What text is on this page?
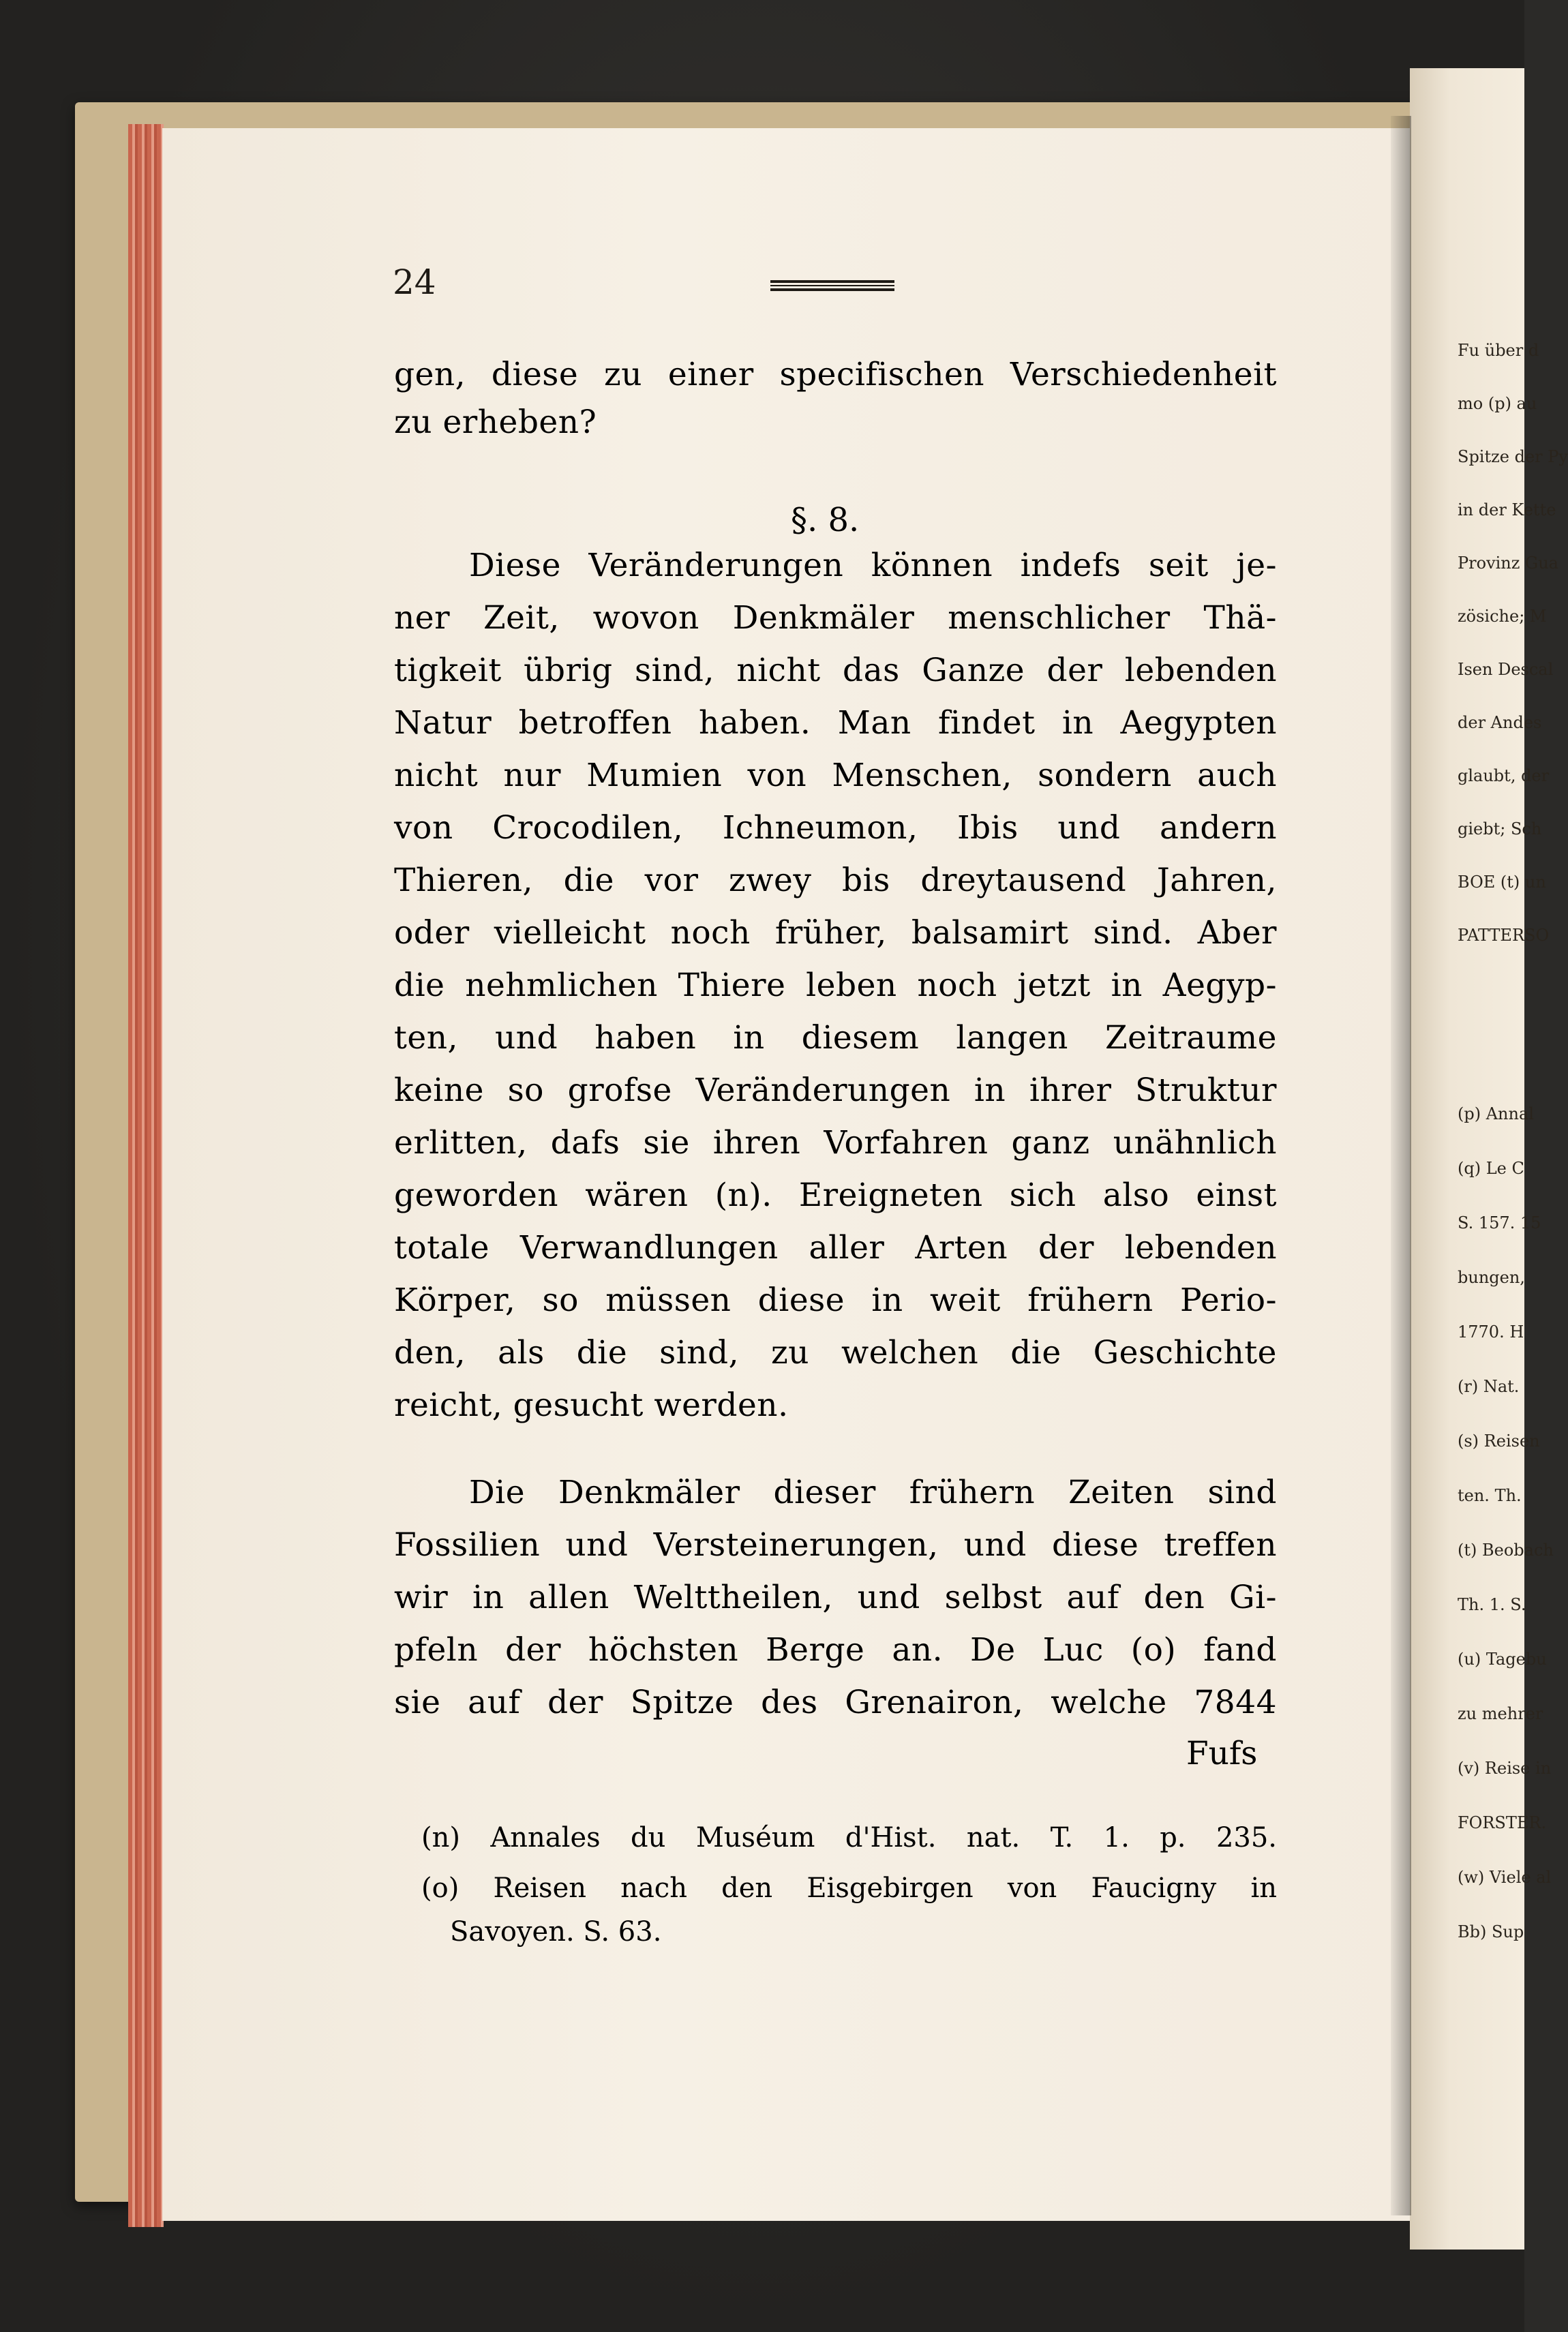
24
gen, diese zu einer specifischen Verschiedenheit
zu erheben?
§. 8.
Diese Veränderungen können indefs seit je-
ner Zeit, wovon Denkmäler menschlicher Thä-
tigkeit übrig sind, nicht das Ganze der lebenden
Natur betroffen haben. Man findet in Aegypten
nicht nur Mumien von Menschen, sondern auch
von Crocodilen, Ichneumon, Ibis und andern
Thieren, die vor zwey bis dreytausend Jahren,
oder vielleicht noch früher, balsamirt sind. Aber
die nehmlichen Thiere leben noch jetzt in Aegyp-
ten, und haben in diesem langen Zeitraume
keine so grofse Veränderungen in ihrer Struktur
erlitten, dafs sie ihren Vorfahren ganz unähnlich
geworden wären (n). Ereigneten sich also einst
totale Verwandlungen aller Arten der lebenden
Körper, so müssen diese in weit frühern Perio-
den, als die sind, zu welchen die Geschichte
reicht, gesucht werden.
Die Denkmäler dieser frühern Zeiten sind
Fossilien und Versteinerungen, und diese treffen
wir in allen Welttheilen, und selbst auf den Gi-
pfeln der höchsten Berge an. De Luc (o) fand
sie auf der Spitze des Grenairon, welche 7844
Fufs
(n) Annales du Muséum d'Hist. nat. T. 1. p. 235.
(o) Reisen nach den Eisgebirgen von Faucigny in
Savoyen. S. 63.
Fu über d
mo (p) au
Spitze der Py
in der Kette
Provinz Gua
zösiche; M
Isen Descal
der Andes
glaubt, der
giebt; Sch
BOE (t) un
PATTERSO
(p) Annal
(q) Le C
S. 157. 15
bungen,
1770. H
(r) Nat.
(s) Reisen
ten. Th.
(t) Beobach
Th. 1. S.
(u) Tagebu
zu mehrer
(v) Reise in
FORSTER.
(w) Viele al
Bb) Sup
